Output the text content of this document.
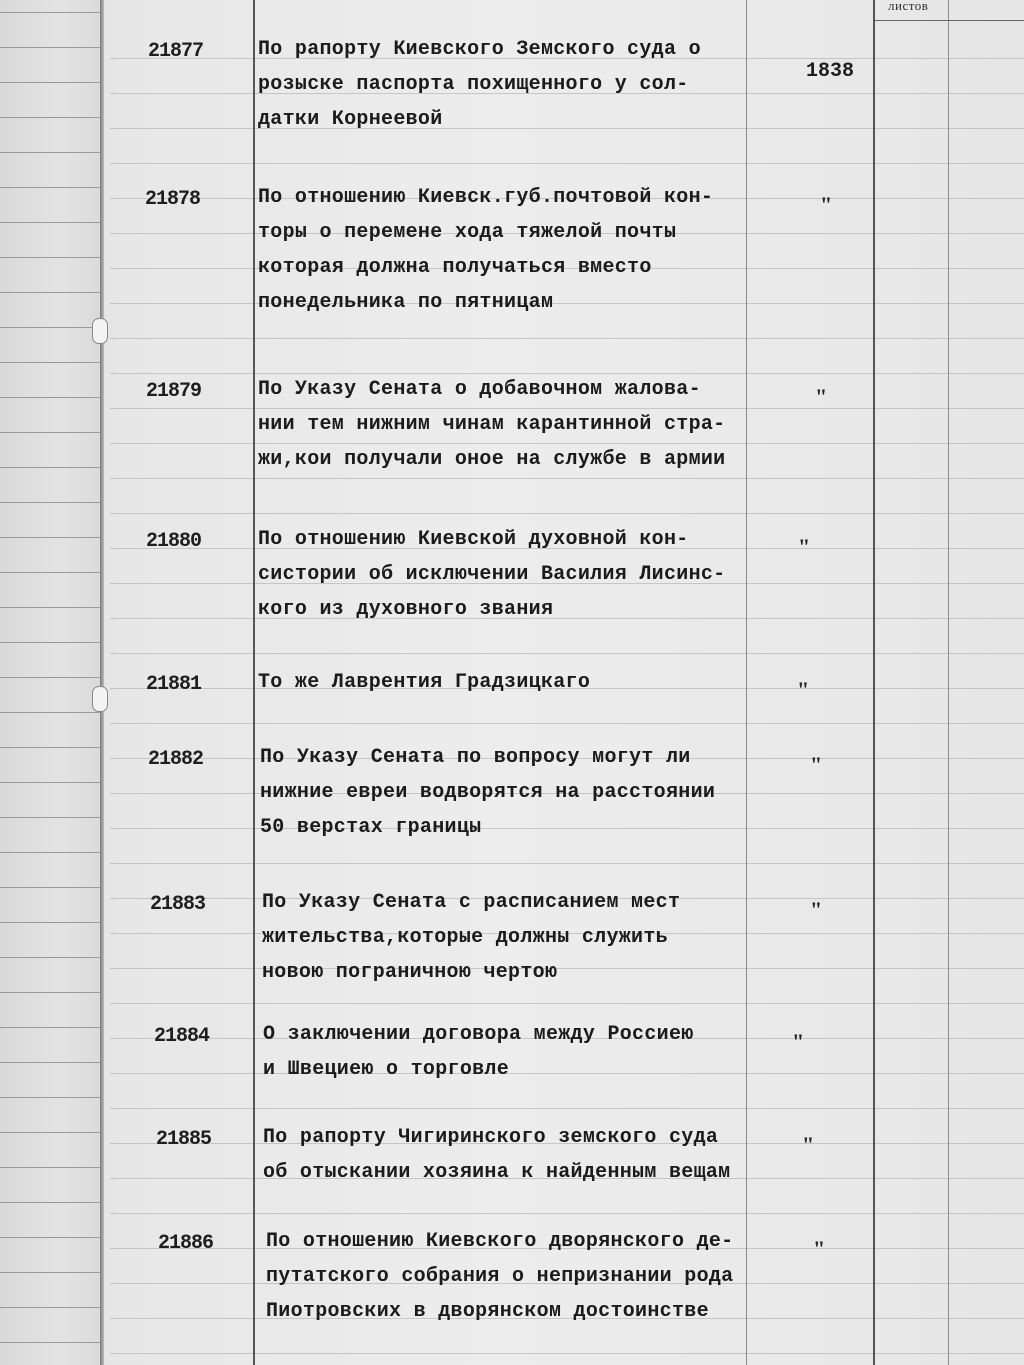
листов
21877	По рапорту Киевского Земского суда о
розыске паспорта похищенного у сол-
датки Корнеевой
1838
21878	По отношению Киевск.губ.почтовой кон-
торы о перемене хода тяжелой почты
которая должна получаться вместо
понедельника по пятницам
"
21879	По Указу Сената о добавочном жалова-
нии тем нижним чинам карантинной стра-
жи,кои получали оное на службе в армии
"
21880	По отношению Киевской духовной кон-
систории об исключении Василия Лисинс-
кого из духовного звания
"
21881	То же Лаврентия Градзицкаго	"
21882	По Указу Сената по вопросу могут ли
нижние евреи водворятся на расстоянии
50 верстах границы
"
21883	По Указу Сената с расписанием мест
жительства,которые должны служить
новою пограничною чертою
"
21884	О заключении договора между Россиею
и Швециею о торговле
"
21885	По рапорту Чигиринского земского суда
об отыскании хозяина к найденным вещам
"
21886	По отношению Киевского дворянского де-
путатского собрания о непризнании рода
Пиотровских в дворянском достоинстве
"
